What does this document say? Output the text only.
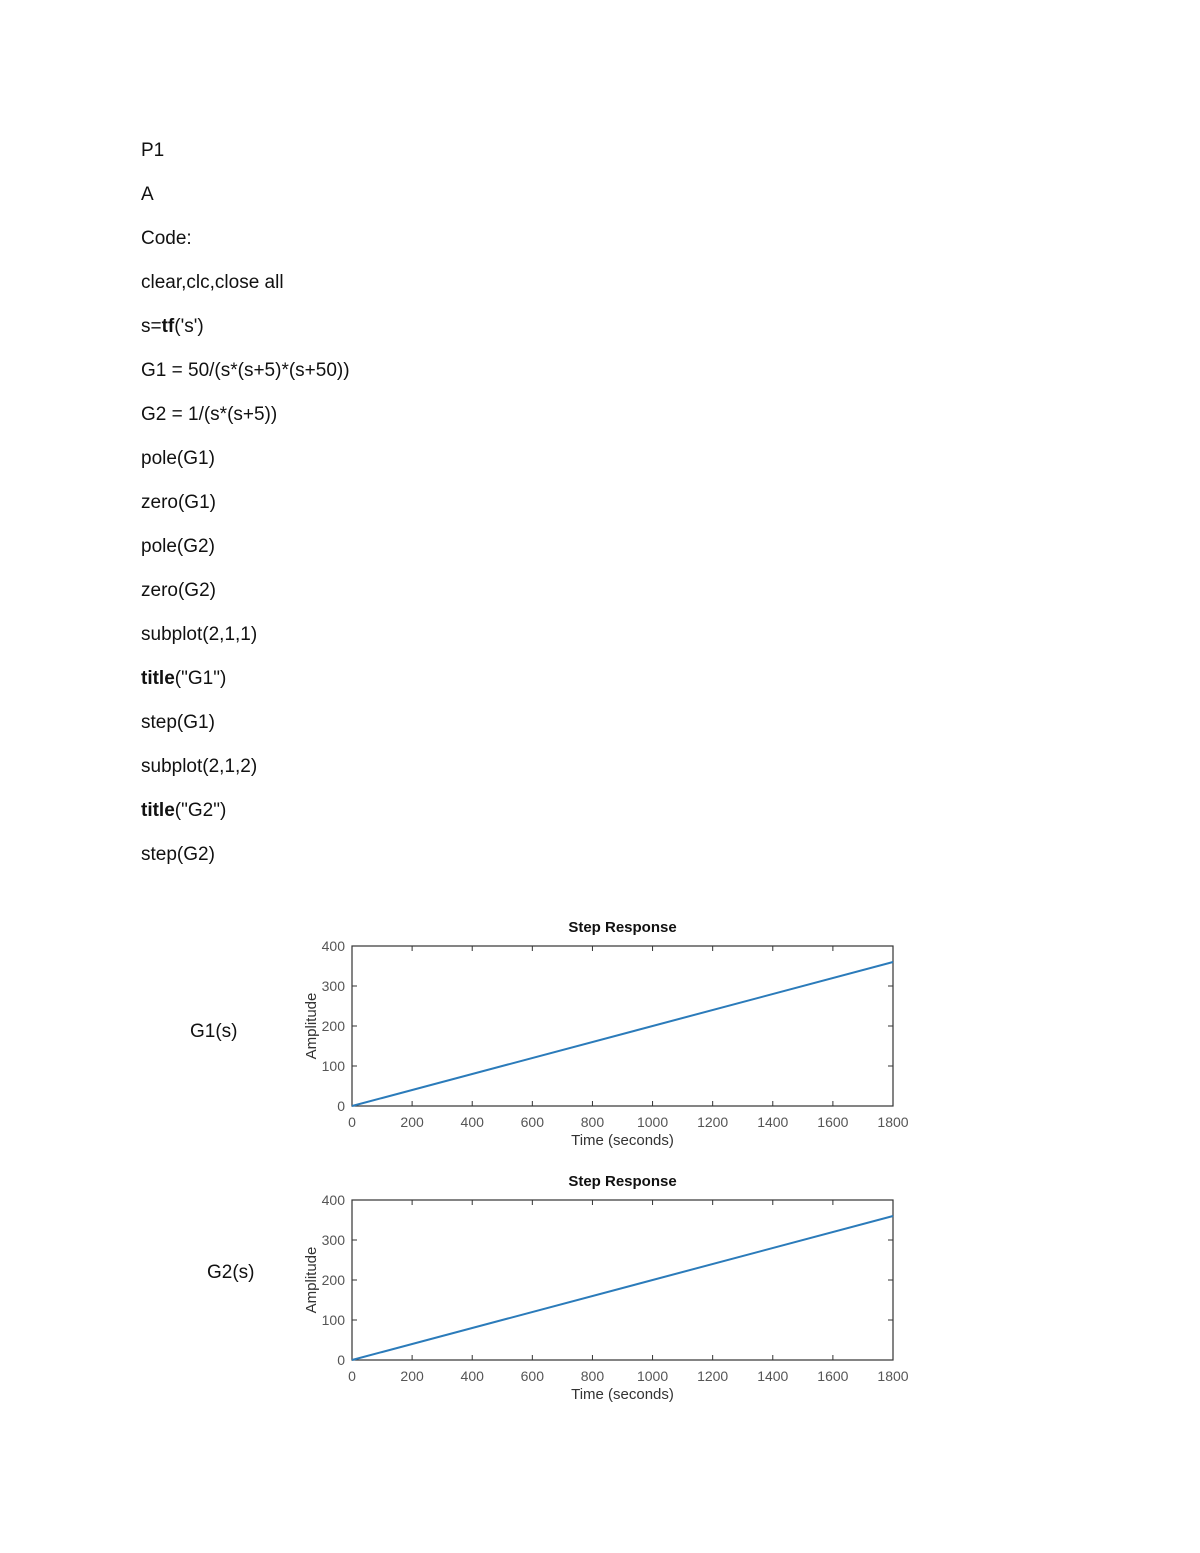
P1
A
Code:
clear,clc,close all
s=tf('s')
G1 = 50/(s*(s+5)*(s+50))
G2 = 1/(s*(s+5))
pole(G1)
zero(G1)
pole(G2)
zero(G2)
subplot(2,1,1)
title("G1")
step(G1)
subplot(2,1,2)
title("G2")
step(G2)
G1(s)
G2(s)
Step Response
0	200	400	600	800 1000 1200 1400 1600 1800
0
100
200
300
400
Time (seconds)
Amplitude
Step Response
0	200	400	600	800 1000 1200 1400 1600 1800
0
100
200
300
400
Time (seconds)
Amplitude
